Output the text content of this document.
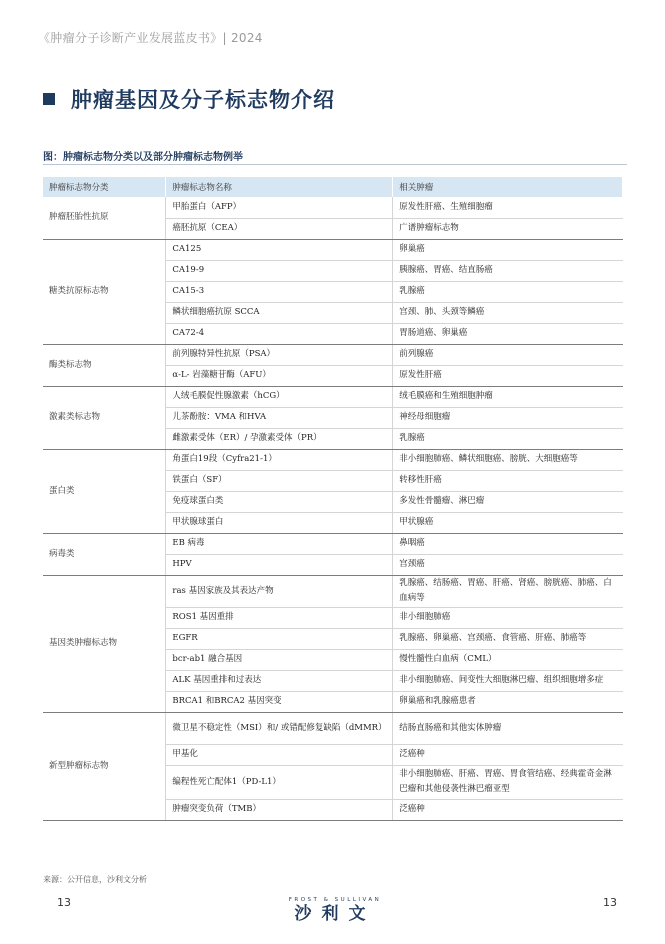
《肿瘤分子诊断产业发展蓝皮书》| 2024
肿瘤基因及分子标志物介绍
图：肿瘤标志物分类以及部分肿瘤标志物例举
肿瘤标志物分类	肿瘤标志物名称	相关肿瘤
肿瘤胚胎性抗原	甲胎蛋白（AFP）	原发性肝癌、生殖细胞瘤
	癌胚抗原（CEA）	广谱肿瘤标志物
糖类抗原标志物	CA125	卵巢癌
	CA19-9	胰腺癌、胃癌、结直肠癌
	CA15-3	乳腺癌
	鳞状细胞癌抗原 SCCA	宫颈、肺、头颈等鳞癌
	CA72-4	胃肠道癌、卵巢癌
酶类标志物	前列腺特异性抗原（PSA）	前列腺癌
	α-L- 岩藻糖苷酶（AFU）	原发性肝癌
激素类标志物	人绒毛膜促性腺激素（hCG）	绒毛膜癌和生殖细胞肿瘤
	儿茶酚胺：VMA 和HVA	神经母细胞瘤
	雌激素受体（ER）/ 孕激素受体（PR）	乳腺癌
蛋白类	角蛋白19段（Cyfra21-1）	非小细胞肺癌、鳞状细胞癌、膀胱、大细胞癌等
	铁蛋白（SF）	转移性肝癌
	免疫球蛋白类	多发性骨髓瘤、淋巴瘤
	甲状腺球蛋白	甲状腺癌
病毒类	EB 病毒	鼻咽癌
	HPV	宫颈癌
基因类肿瘤标志物	ras 基因家族及其表达产物	乳腺癌、结肠癌、胃癌、肝癌、肾癌、膀胱癌、肺癌、白血病等
	ROS1 基因重排	非小细胞肺癌
	EGFR	乳腺癌、卵巢癌、宫颈癌、食管癌、肝癌、肺癌等
	bcr-ab1 融合基因	慢性髓性白血病（CML）
	ALK 基因重排和过表达	非小细胞肺癌、间变性大细胞淋巴瘤、组织细胞增多症
	BRCA1 和BRCA2 基因突变	卵巢癌和乳腺癌患者
新型肿瘤标志物	微卫星不稳定性（MSI）和/ 或错配修复缺陷（dMMR）	结肠直肠癌和其他实体肿瘤
	甲基化	泛癌种
	编程性死亡配体1（PD-L1）	非小细胞肺癌、肝癌、胃癌、胃食管结癌、经典霍奇金淋巴瘤和其他侵袭性淋巴瘤亚型
	肿瘤突变负荷（TMB）	泛癌种
来源：公开信息，沙利文分析
13	FROST & SULLIVAN
沙利文
13
